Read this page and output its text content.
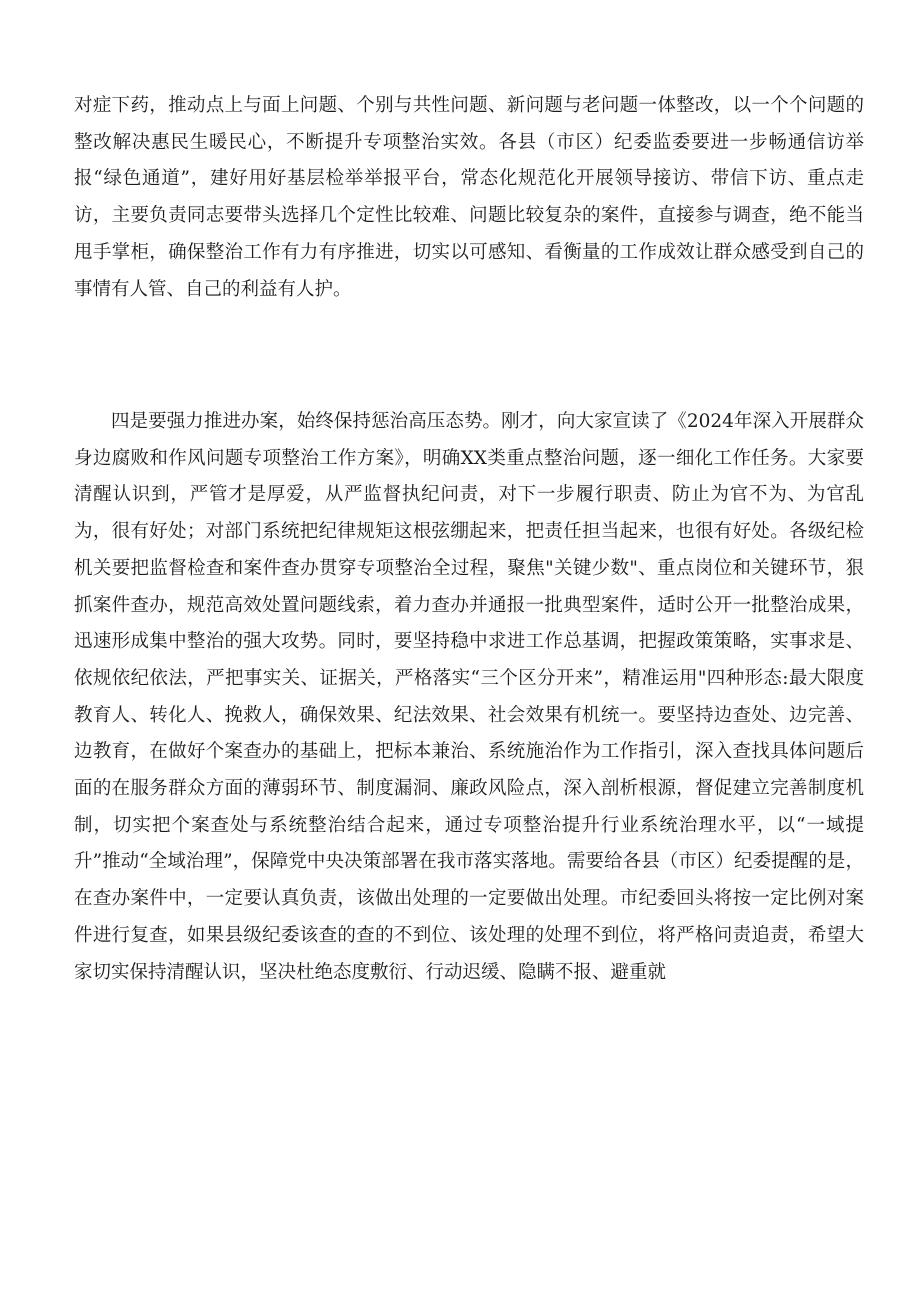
对症下药，推动点上与面上问题、个别与共性问题、新问题与老问题一体整改，以一个个问题的整改解决惠民生暖民心，不断提升专项整治实效。各县（市区）纪委监委要进一步畅通信访举报“绿色通道”，建好用好基层检举举报平台，常态化规范化开展领导接访、带信下访、重点走访，主要负责同志要带头选择几个定性比较难、问题比较复杂的案件，直接参与调查，绝不能当甩手掌柜，确保整治工作有力有序推进，切实以可感知、看衡量的工作成效让群众感受到自己的事情有人管、自己的利益有人护。

四是要强力推进办案，始终保持惩治高压态势。刚才，向大家宣读了《2024年深入开展群众身边腐败和作风问题专项整治工作方案》，明确XX类重点整治问题，逐一细化工作任务。大家要清醒认识到，严管才是厚爱，从严监督执纪问责，对下一步履行职责、防止为官不为、为官乱为，很有好处；对部门系统把纪律规矩这根弦绷起来，把责任担当起来，也很有好处。各级纪检机关要把监督检查和案件查办贯穿专项整治全过程，聚焦"关键少数"、重点岗位和关键环节，狠抓案件查办，规范高效处置问题线索，着力查办并通报一批典型案件，适时公开一批整治成果，迅速形成集中整治的强大攻势。同时，要坚持稳中求进工作总基调，把握政策策略，实事求是、依规依纪依法，严把事实关、证据关，严格落实“三个区分开来”，精准运用"四种形态:最大限度教育人、转化人、挽救人，确保效果、纪法效果、社会效果有机统一。要坚持边查处、边完善、边教育，在做好个案查办的基础上，把标本兼治、系统施治作为工作指引，深入查找具体问题后面的在服务群众方面的薄弱环节、制度漏洞、廉政风险点，深入剖析根源，督促建立完善制度机制，切实把个案查处与系统整治结合起来，通过专项整治提升行业系统治理水平，以“一域提升”推动“全域治理”，保障党中央决策部署在我市落实落地。需要给各县（市区）纪委提醒的是，在查办案件中，一定要认真负责，该做出处理的一定要做出处理。市纪委回头将按一定比例对案件进行复查，如果县级纪委该查的查的不到位、该处理的处理不到位，将严格问责追责，希望大家切实保持清醒认识，坚决杜绝态度敷衍、行动迟缓、隐瞒不报、避重就
